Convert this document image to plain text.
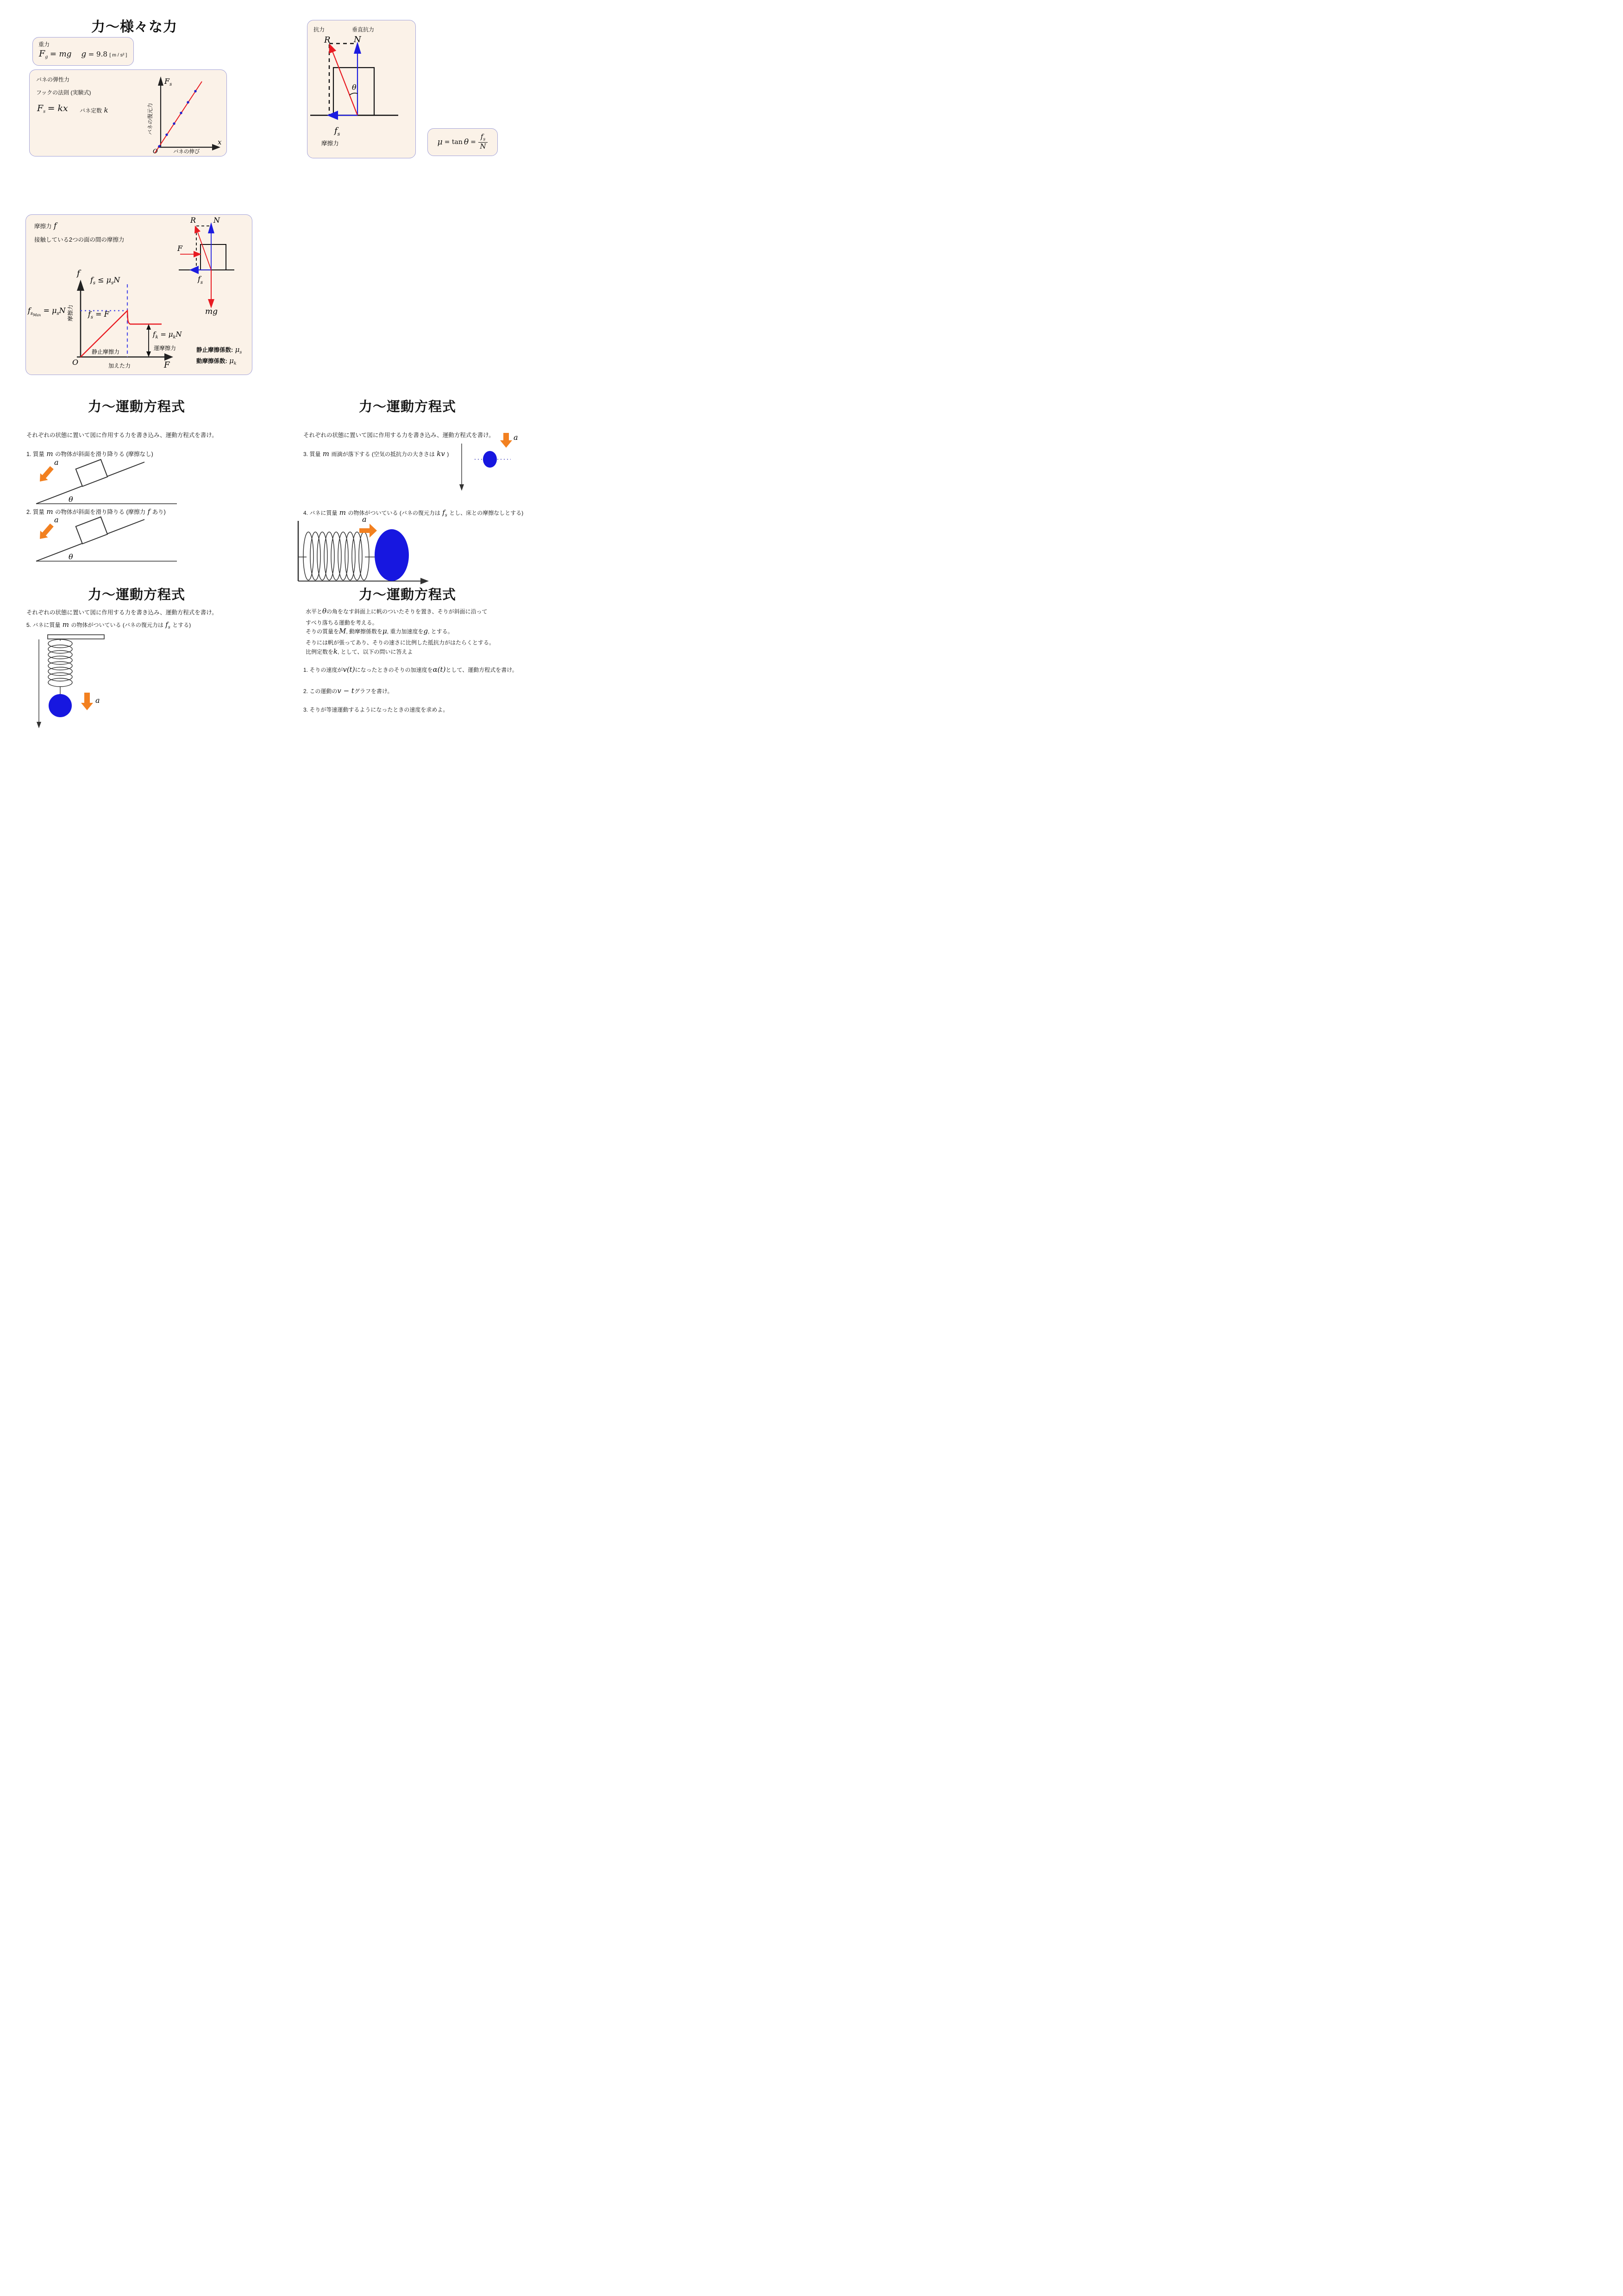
力～様々な力
重力
$F_g$ = mg g = 9.8 [ m / s² ]
バネの弾性力
フックの法則 (実験式)
$F_s$ = kx バネ定数 k
$F_s$
x
O
バネの復元力
バネの伸び
抗力	垂直抗力
θ
R	N
$f_s$
摩擦力	$\mu = \tan \theta = \frac{f_s}{N}$
摩擦力 f
接触している2つの面の間の摩擦力
f
$f_s \le \mu_sN$
$f_sMax = \mu_sN$ 摩擦力 $f_s = F$
静止摩擦力
$f_k = \mu_kN$
運摩擦力
O	F
加えた力
R N
F
$f_s$
mg
静止摩擦係数: $\mu_s$
動摩擦係数: $\mu_k$
力～運動方程式
それぞれの状態に置いて図に作用する力を書き込み、運動方程式を書け。
1. 質量 m の物体が斜面を滑り降りる (摩擦なし)
a
θ
2. 質量 m の物体が斜面を滑り降りる (摩擦力 f あり)
a
θ
力～運動方程式
それぞれの状態に置いて図に作用する力を書き込み、運動方程式を書け。
3. 質量 m 雨滴が落下する (空気の抵抗力の大きさは kv )
a
4. バネに質量 m の物体がついている (バネの復元力は $f_s$ とし、床との摩擦なしとする)
a
力～運動方程式
それぞれの状態に置いて図に作用する力を書き込み、運動方程式を書け。
5. バネに質量 m の物体がついている (バネの復元力は $f_s$ とする)
a
力～運動方程式
水平とθの角をなす斜面上に帆のついたそりを置き、そりが斜面に沿って
すべり落ちる運動を考える。
そりの質量をM, 動摩擦係数をμ, 重力加速度をg, とする。
そりには帆が張ってあり、そりの速さに比例した抵抗力がはたらくとする。
比例定数をk, として、以下の問いに答えよ
1. そりの速度がv(t)になったときのそりの加速度をα(t)として、運動方程式を書け。
2. この運動のv − tグラフを書け。
3. そりが等速運動するようになったときの速度を求めよ。
